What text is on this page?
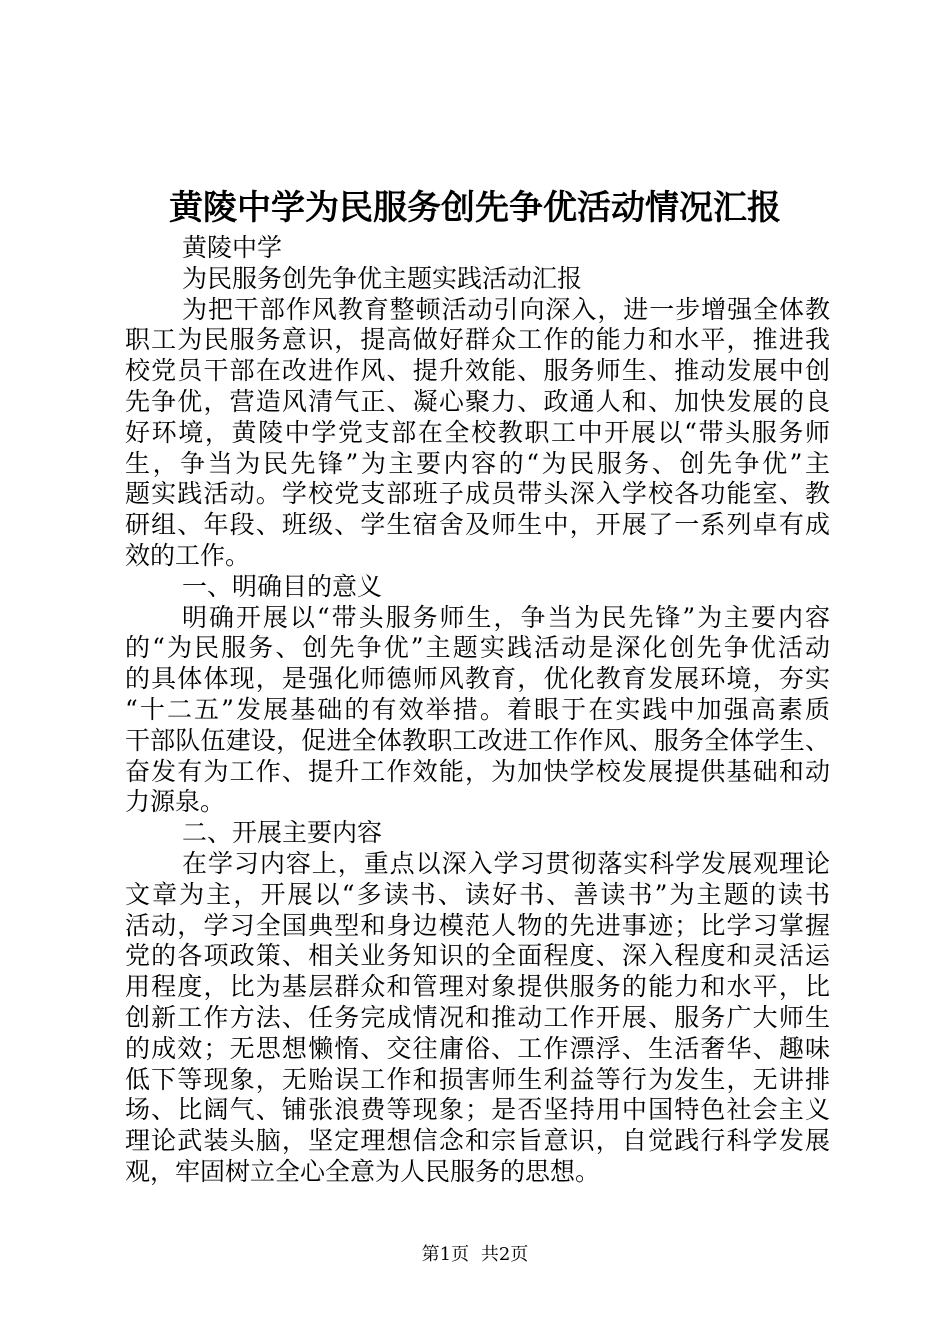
黄陵中学为民服务创先争优活动情况汇报
黄陵中学
为民服务创先争优主题实践活动汇报
为把干部作风教育整顿活动引向深入，进一步增强全体教
职工为民服务意识，提高做好群众工作的能力和水平，推进我
校党员干部在改进作风、提升效能、服务师生、推动发展中创
先争优，营造风清气正、凝心聚力、政通人和、加快发展的良
好环境，黄陵中学党支部在全校教职工中开展以“带头服务师
生，争当为民先锋”为主要内容的“为民服务、创先争优”主
题实践活动。学校党支部班子成员带头深入学校各功能室、教
研组、年段、班级、学生宿舍及师生中，开展了一系列卓有成
效的工作。
一、明确目的意义
明确开展以“带头服务师生，争当为民先锋”为主要内容
的“为民服务、创先争优”主题实践活动是深化创先争优活动
的具体体现，是强化师德师风教育，优化教育发展环境，夯实
“十二五”发展基础的有效举措。着眼于在实践中加强高素质
干部队伍建设，促进全体教职工改进工作作风、服务全体学生、
奋发有为工作、提升工作效能，为加快学校发展提供基础和动
力源泉。
二、开展主要内容
在学习内容上，重点以深入学习贯彻落实科学发展观理论
文章为主，开展以“多读书、读好书、善读书”为主题的读书
活动，学习全国典型和身边模范人物的先进事迹；比学习掌握
党的各项政策、相关业务知识的全面程度、深入程度和灵活运
用程度，比为基层群众和管理对象提供服务的能力和水平，比
创新工作方法、任务完成情况和推动工作开展、服务广大师生
的成效；无思想懒惰、交往庸俗、工作漂浮、生活奢华、趣味
低下等现象，无贻误工作和损害师生利益等行为发生，无讲排
场、比阔气、铺张浪费等现象；是否坚持用中国特色社会主义
理论武装头脑，坚定理想信念和宗旨意识，自觉践行科学发展
观，牢固树立全心全意为人民服务的思想。
第1页 共2页
